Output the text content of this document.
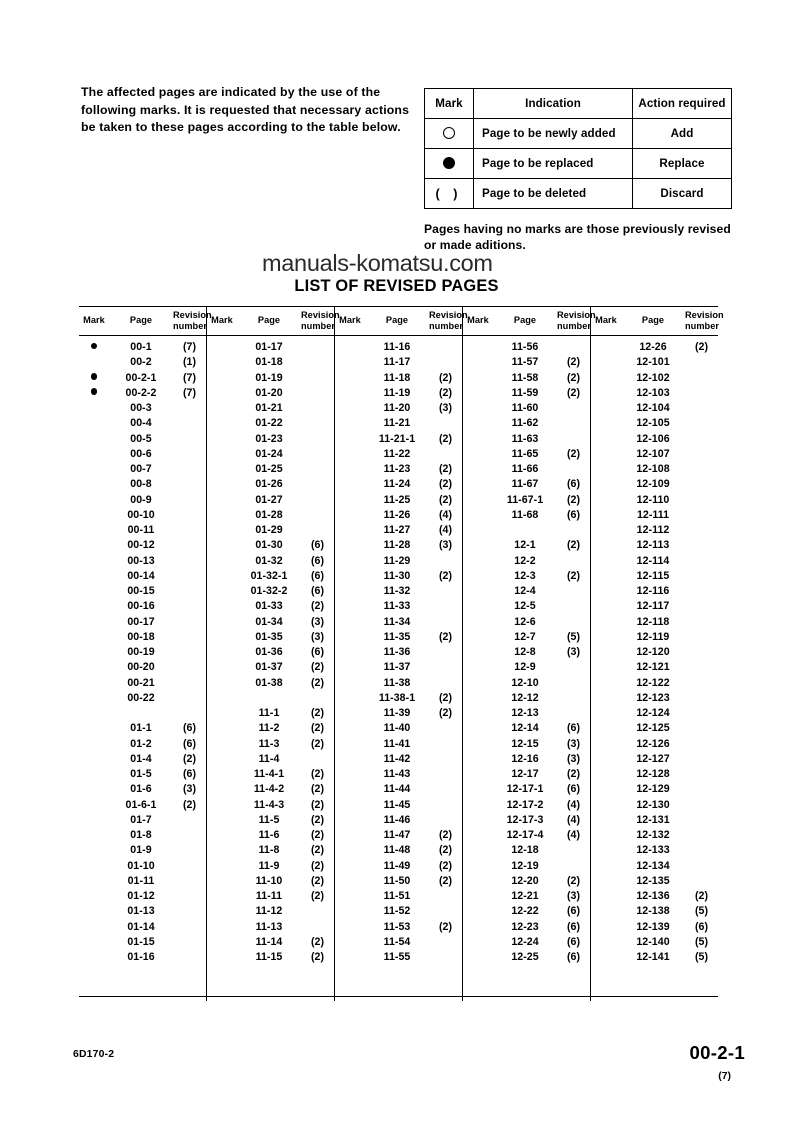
The affected pages are indicated by the use of the following marks. It is requested that necessary actions be taken to these pages according to the table below.
Mark	Indication	Action required
	Page to be newly added	Add
	Page to be replaced	Replace
( )	Page to be deleted	Discard
Pages having no marks are those previously revised or made aditions.
manuals-komatsu.com
LIST OF REVISED PAGES
Mark	Page	Revision
number	Mark	Page	Revision
number	Mark	Page	Revision
number	Mark	Page	Revision
number	Mark	Page	Revision
number
	00-1	(7)		01-17			11-16			11-56			12-26	(2)
	00-2	(1)		01-18			11-17			11-57	(2)		12-101	
	00-2-1	(7)		01-19			11-18	(2)		11-58	(2)		12-102	
	00-2-2	(7)		01-20			11-19	(2)		11-59	(2)		12-103	
	00-3			01-21			11-20	(3)		11-60			12-104	
	00-4			01-22			11-21			11-62			12-105	
	00-5			01-23			11-21-1	(2)		11-63			12-106	
	00-6			01-24			11-22			11-65	(2)		12-107	
	00-7			01-25			11-23	(2)		11-66			12-108	
	00-8			01-26			11-24	(2)		11-67	(6)		12-109	
	00-9			01-27			11-25	(2)		11-67-1	(2)		12-110	
	00-10			01-28			11-26	(4)		11-68	(6)		12-111	
	00-11			01-29			11-27	(4)					12-112	
	00-12			01-30	(6)		11-28	(3)		12-1	(2)		12-113	
	00-13			01-32	(6)		11-29			12-2			12-114	
	00-14			01-32-1	(6)		11-30	(2)		12-3	(2)		12-115	
	00-15			01-32-2	(6)		11-32			12-4			12-116	
	00-16			01-33	(2)		11-33			12-5			12-117	
	00-17			01-34	(3)		11-34			12-6			12-118	
	00-18			01-35	(3)		11-35	(2)		12-7	(5)		12-119	
	00-19			01-36	(6)		11-36			12-8	(3)		12-120	
	00-20			01-37	(2)		11-37			12-9			12-121	
	00-21			01-38	(2)		11-38			12-10			12-122	
	00-22						11-38-1	(2)		12-12			12-123	
				11-1	(2)		11-39	(2)		12-13			12-124	
	01-1	(6)		11-2	(2)		11-40			12-14	(6)		12-125	
	01-2	(6)		11-3	(2)		11-41			12-15	(3)		12-126	
	01-4	(2)		11-4			11-42			12-16	(3)		12-127	
	01-5	(6)		11-4-1	(2)		11-43			12-17	(2)		12-128	
	01-6	(3)		11-4-2	(2)		11-44			12-17-1	(6)		12-129	
	01-6-1	(2)		11-4-3	(2)		11-45			12-17-2	(4)		12-130	
	01-7			11-5	(2)		11-46			12-17-3	(4)		12-131	
	01-8			11-6	(2)		11-47	(2)		12-17-4	(4)		12-132	
	01-9			11-8	(2)		11-48	(2)		12-18			12-133	
	01-10			11-9	(2)		11-49	(2)		12-19			12-134	
	01-11			11-10	(2)		11-50	(2)		12-20	(2)		12-135	
	01-12			11-11	(2)		11-51			12-21	(3)		12-136	(2)
	01-13			11-12			11-52			12-22	(6)		12-138	(5)
	01-14			11-13			11-53	(2)		12-23	(6)		12-139	(6)
	01-15			11-14	(2)		11-54			12-24	(6)		12-140	(5)
	01-16			11-15	(2)		11-55			12-25	(6)		12-141	(5)

6D170-2	00-2-1
(7)
